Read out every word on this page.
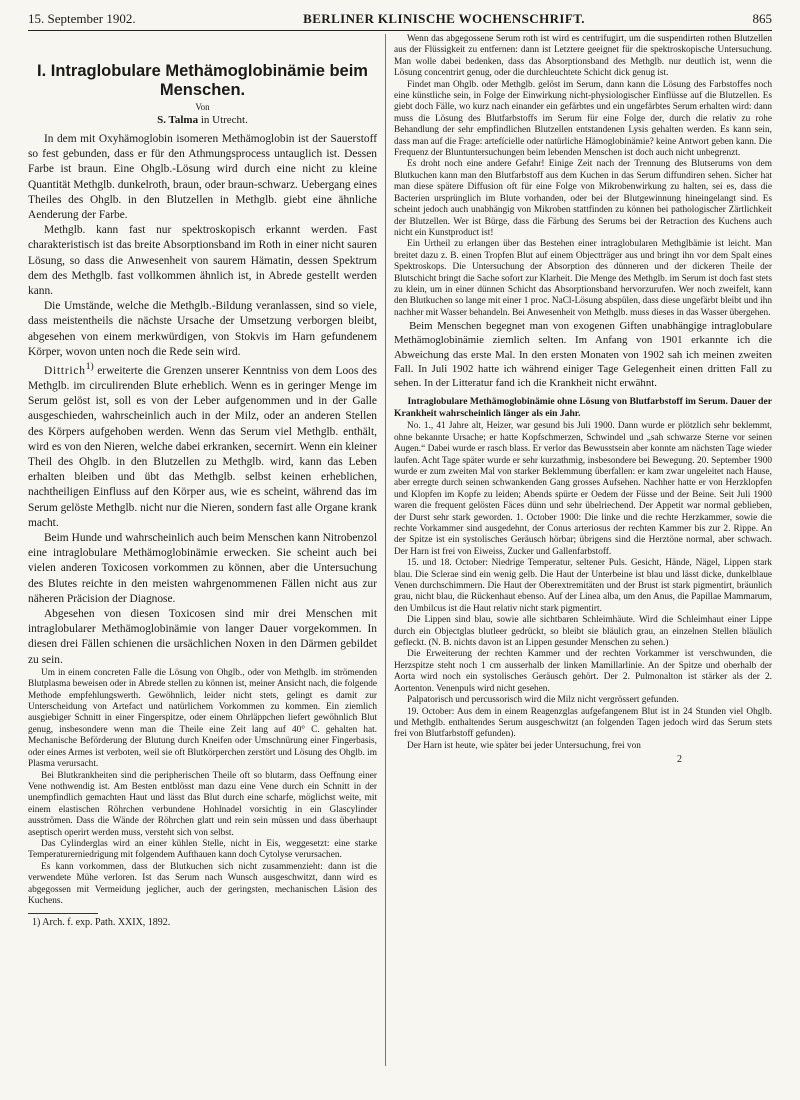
15. September 1902.	BERLINER KLINISCHE WOCHENSCHRIFT.	865
I. Intraglobulare Methämoglobinämie beim Menschen.
Von
S. Talma in Utrecht.

In dem mit Oxyhämoglobin isomeren Methämoglobin ist der Sauerstoff so fest gebunden, dass er für den Athmungsprocess untauglich ist. Dessen Farbe ist braun. Eine Ohglb.-Lösung wird durch eine nicht zu kleine Quantität Methglb. dunkelroth, braun, oder braun-schwarz. Uebergang eines Theiles des Ohglb. in den Blutzellen in Methglb. giebt eine ähnliche Aenderung der Farbe.

Methglb. kann fast nur spektroskopisch erkannt werden. Fast charakteristisch ist das breite Absorptionsband im Roth in einer nicht sauren Lösung, so dass die Anwesenheit von saurem Hämatin, dessen Spektrum dem des Methglb. fast vollkommen ähnlich ist, in Abrede gestellt werden kann.

Die Umstände, welche die Methglb.-Bildung veranlassen, sind so viele, dass meistentheils die nächste Ursache der Umsetzung verborgen bleibt, abgesehen von einem merkwürdigen, von Stokvis im Harn gefundenem Körper, wovon unten noch die Rede sein wird.

Dittrich$^{1)}$ erweiterte die Grenzen unserer Kenntniss von dem Loos des Methglb. im circulirenden Blute erheblich. Wenn es in geringer Menge im Serum gelöst ist, soll es von der Leber aufgenommen und in der Galle ausgeschieden, wahrscheinlich auch in der Milz, oder an anderen Stellen des Körpers aufgehoben werden. Wenn das Serum viel Methglb. enthält, wird es von den Nieren, welche dabei erkranken, secernirt. Wenn ein kleiner Theil des Ohglb. in den Blutzellen zu Methglb. wird, kann das Leben erhalten bleiben und übt das Methglb. selbst keinen erheblichen, nachtheiligen Einfluss auf den Körper aus, wie es scheint, während das im Serum gelöste Methglb. nicht nur die Nieren, sondern fast alle Organe krank macht.

Beim Hunde und wahrscheinlich auch beim Menschen kann Nitrobenzol eine intraglobulare Methämoglobinämie erwecken. Sie scheint auch bei vielen anderen Toxicosen vorkommen zu können, aber die Untersuchung des Blutes reichte in den meisten wahrgenommenen Fällen nicht aus zur näheren Präcision der Diagnose.

Abgesehen von diesen Toxicosen sind mir drei Menschen mit intraglobularer Methämoglobinämie von langer Dauer vorgekommen. In diesen drei Fällen schienen die ursächlichen Noxen in den Därmen gebildet zu sein.

Um in einem concreten Falle die Lösung von Ohglb., oder von Methglb. im strömenden Blutplasma beweisen oder in Abrede stellen zu können ist, meiner Ansicht nach, die folgende Methode empfehlungswerth. Gewöhnlich, leider nicht stets, gelingt es damit zur Unterscheidung von Artefact und natürlichem Vorkommen zu kommen. Ein ziemlich ausgiebiger Schnitt in einer Fingerspitze, oder einem Ohrläppchen liefert gewöhnlich Blut genug, insbesondere wenn man die Theile eine Zeit lang auf 40° C. gehalten hat. Mechanische Beförderung der Blutung durch Kneifen oder Umschnürung einer Fingerbasis, oder eines Armes ist verboten, weil sie oft Blutkörperchen zerstört und Lösung des Ohglb. im Plasma verursacht.

Bei Blutkrankheiten sind die peripherischen Theile oft so blutarm, dass Oeffnung einer Vene nothwendig ist. Am Besten entblösst man dazu eine Vene durch ein Schnitt in der unempfindlich gemachten Haut und lässt das Blut durch eine scharfe, möglichst weite, mit einem elastischen Röhrchen verbundene Hohlnadel vorsichtig in ein Glascylinder ausströmen. Dass die Wände der Röhrchen glatt und rein sein müssen und dass überhaupt aseptisch operirt werden muss, versteht sich von selbst.

Das Cylinderglas wird an einer kühlen Stelle, nicht in Eis, weggesetzt: eine starke Temperaturerniedrigung mit folgendem Aufthauen kann doch Cytolyse verursachen.

Es kann vorkommen, dass der Blutkuchen sich nicht zusammenzieht: dann ist die verwendete Mühe verloren. Ist das Serum nach Wunsch ausgeschwitzt, dann wird es abgegossen mit Vermeidung jeglicher, auch der geringsten, mechanischen Läsion des Kuchens.

1) Arch. f. exp. Path. XXIX, 1892.

Wenn das abgegossene Serum roth ist wird es centrifugirt, um die suspendirten rothen Blutzellen aus der Flüssigkeit zu entfernen: dann ist Letztere geeignet für die spektroskopische Untersuchung. Man wolle dabei bedenken, dass das Absorptionsband des Methglb. nur deutlich ist, wenn die Lösung concentrirt genug, oder die durchleuchtete Schicht dick genug ist.

Findet man Ohglb. oder Methglb. gelöst im Serum, dann kann die Lösung des Farbstoffes noch eine künstliche sein, in Folge der Einwirkung nicht-physiologischer Einflüsse auf die Blutzellen. Es giebt doch Fälle, wo kurz nach einander ein gefärbtes und ein ungefärbtes Serum erhalten wird: dann muss die Lösung des Blutfarbstoffs im Serum für eine Folge der, durch die relativ zu rohe Behandlung der sehr empfindlichen Blutzellen entstandenen Lysis gehalten werden. Es kann sein, dass man auf die Frage: artefícielle oder natürliche Hämoglobinämie? keine Antwort geben kann. Die Frequenz der Bluntuntersuchungen beim lebenden Menschen ist doch auch nicht unbegrenzt.

Es droht noch eine andere Gefahr! Einige Zeit nach der Trennung des Blutserums von dem Blutkuchen kann man den Blutfarbstoff aus dem Kuchen in das Serum diffundiren sehen. Sicher hat man diese spätere Diffusion oft für eine Folge von Mikrobenwirkung zu halten, sei es, dass die Bacterien ursprünglich im Blute vorhanden, oder bei der Blutgewinnung hineingelangt sind. Es scheint jedoch auch unabhängig von Mikroben stattfinden zu können bei pathologischer Zärtlichkeit der Blutzellen. Wer ist Bürge, dass die Färbung des Serums bei der Retraction des Kuchens auch nicht ein Kunstproduct ist!

Ein Urtheil zu erlangen über das Bestehen einer intraglobularen Methglbämie ist leicht. Man breitet dazu z. B. einen Tropfen Blut auf einem Objectträger aus und bringt ihn vor dem Spalt eines Spektroskops. Die Untersuchung der Absorption des dünneren und der dickeren Theile der Blutschicht bringt die Sache sofort zur Klarheit. Die Menge des Methglb. im Serum ist doch fast stets zu klein, um in einer dünnen Schicht das Absorptionsband hervorzurufen. Wer noch zweifelt, kann den Blutkuchen so lange mit einer 1 proc. NaCl-Lösung abspülen, dass diese ungefärbt bleibt und ihn nachher mit Wasser behandeln. Bei Anwesenheit von Methglb. muss dieses in das Wasser übergehen.

Beim Menschen begegnet man von exogenen Giften unabhängige intraglobulare Methämoglobinämie ziemlich selten. Im Anfang von 1901 erkannte ich die Abweichung das erste Mal. In den ersten Monaten von 1902 sah ich meinen zweiten Fall. In Juli 1902 hatte ich während einiger Tage Gelegenheit einen dritten Fall zu sehen. In der Litteratur fand ich die Krankheit nicht erwähnt.

Intraglobulare Methämoglobinämie ohne Lösung von Blutfarbstoff im Serum. Dauer der Krankheit wahrscheinlich länger als ein Jahr.

No. 1., 41 Jahre alt, Heizer, war gesund bis Juli 1900. Dann wurde er plötzlich sehr beklemmt, ohne bekannte Ursache; er hatte Kopfschmerzen, Schwindel und „sah schwarze Sterne vor seinen Augen.“ Dabei wurde er rasch blass. Er verlor das Bewusstsein aber konnte am nächsten Tage wieder laufen. Acht Tage später wurde er sehr kurzathmig, insbesondere bei Bewegung. 20. September 1900 wurde er zum zweiten Mal von starker Beklemmung überfallen: er kam zwar ungeleitet nach Hause, aber erregte durch seinen schwankenden Gang grosses Aufsehen. Nachher hatte er von Herzklopfen und Klopfen im Kopfe zu leiden; Abends spürte er Oedem der Füsse und der Beine. Seit Juli 1900 waren die frequent gelösten Fäces dünn und sehr übelriechend. Der Appetit war normal geblieben, der Durst sehr stark geworden. 1. October 1900: Die linke und die rechte Herzkammer, sowie die rechte Vorkammer sind ausgedehnt, der Conus arteriosus der rechten Kammer bis zur 2. Rippe. An der Spitze ist ein systolisches Geräusch hörbar; übrigens sind die Herztöne normal, aber schwach. Der Harn ist frei von Eiweiss, Zucker und Gallenfarbstoff.

15. und 18. October: Niedrige Temperatur, seltener Puls. Gesicht, Hände, Nägel, Lippen stark blau. Die Sclerae sind ein wenig gelb. Die Haut der Unterbeine ist blau und lässt dicke, dunkelblaue Venen durchschimmern. Die Haut der Oberextremitäten und der Brust ist stark pigmentirt, bräunlich grau, nicht blau, die Rückenhaut ebenso. Auf der Linea alba, um den Anus, die Papillae Mammarum, den Umbilcus ist die Haut relativ nicht stark pigmentirt.

Die Lippen sind blau, sowie alle sichtbaren Schleimhäute. Wird die Schleimhaut einer Lippe durch ein Objectglas blutleer gedrückt, so bleibt sie bläulich grau, an einzelnen Stellen bläulich gefleckt. (N. B. nichts davon ist an Lippen gesunder Menschen zu sehen.)

Die Erweiterung der rechten Kammer und der rechten Vorkammer ist verschwunden, die Herzspitze steht noch 1 cm ausserhalb der linken Mamillarlinie. An der Spitze und oberhalb der Aorta wird noch ein systolisches Geräusch gehört. Der 2. Pulmonalton ist stärker als der 2. Aortenton. Venenpuls wird nicht gesehen.

Palpatorisch und percussorisch wird die Milz nicht vergrössert gefunden.

19. October: Aus dem in einem Reagenzglas aufgefangenem Blut ist in 24 Stunden viel Ohglb. und Methglb. enthaltendes Serum ausgeschwitzt (an folgenden Tagen jedoch wird das Serum stets frei von Blutfarbstoff gefunden).

Der Harn ist heute, wie später bei jeder Untersuchung, frei von

2
